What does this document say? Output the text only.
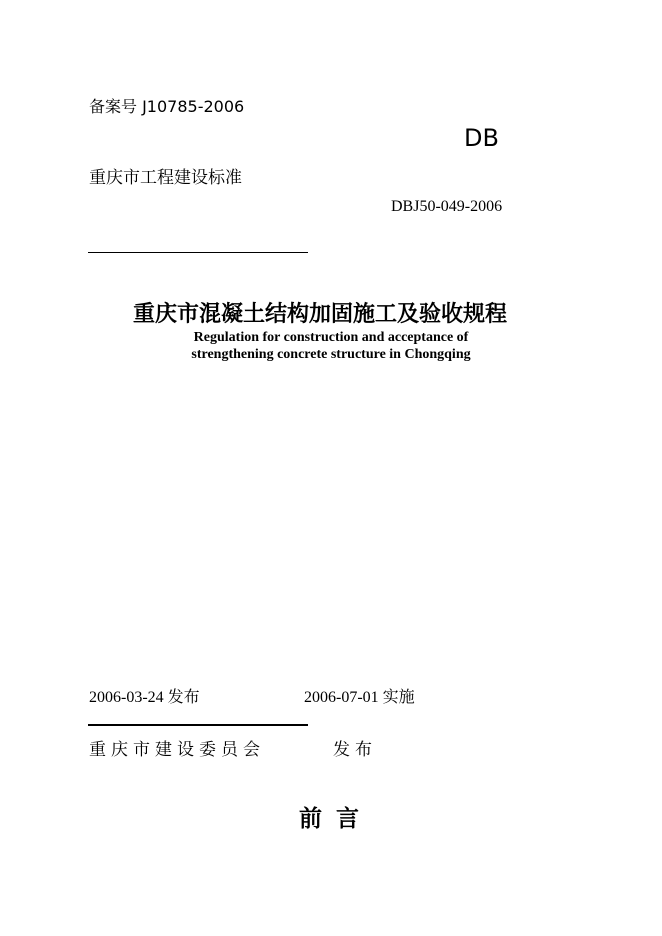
备案号 J10785-2006
DB
重庆市工程建设标准
DBJ50-049-2006
重庆市混凝土结构加固施工及验收规程
Regulation for construction and acceptance of
strengthening concrete structure in Chongqing
2006-03-24 发布	2006-07-01 实施
重庆市建设委员会	发布
前言
